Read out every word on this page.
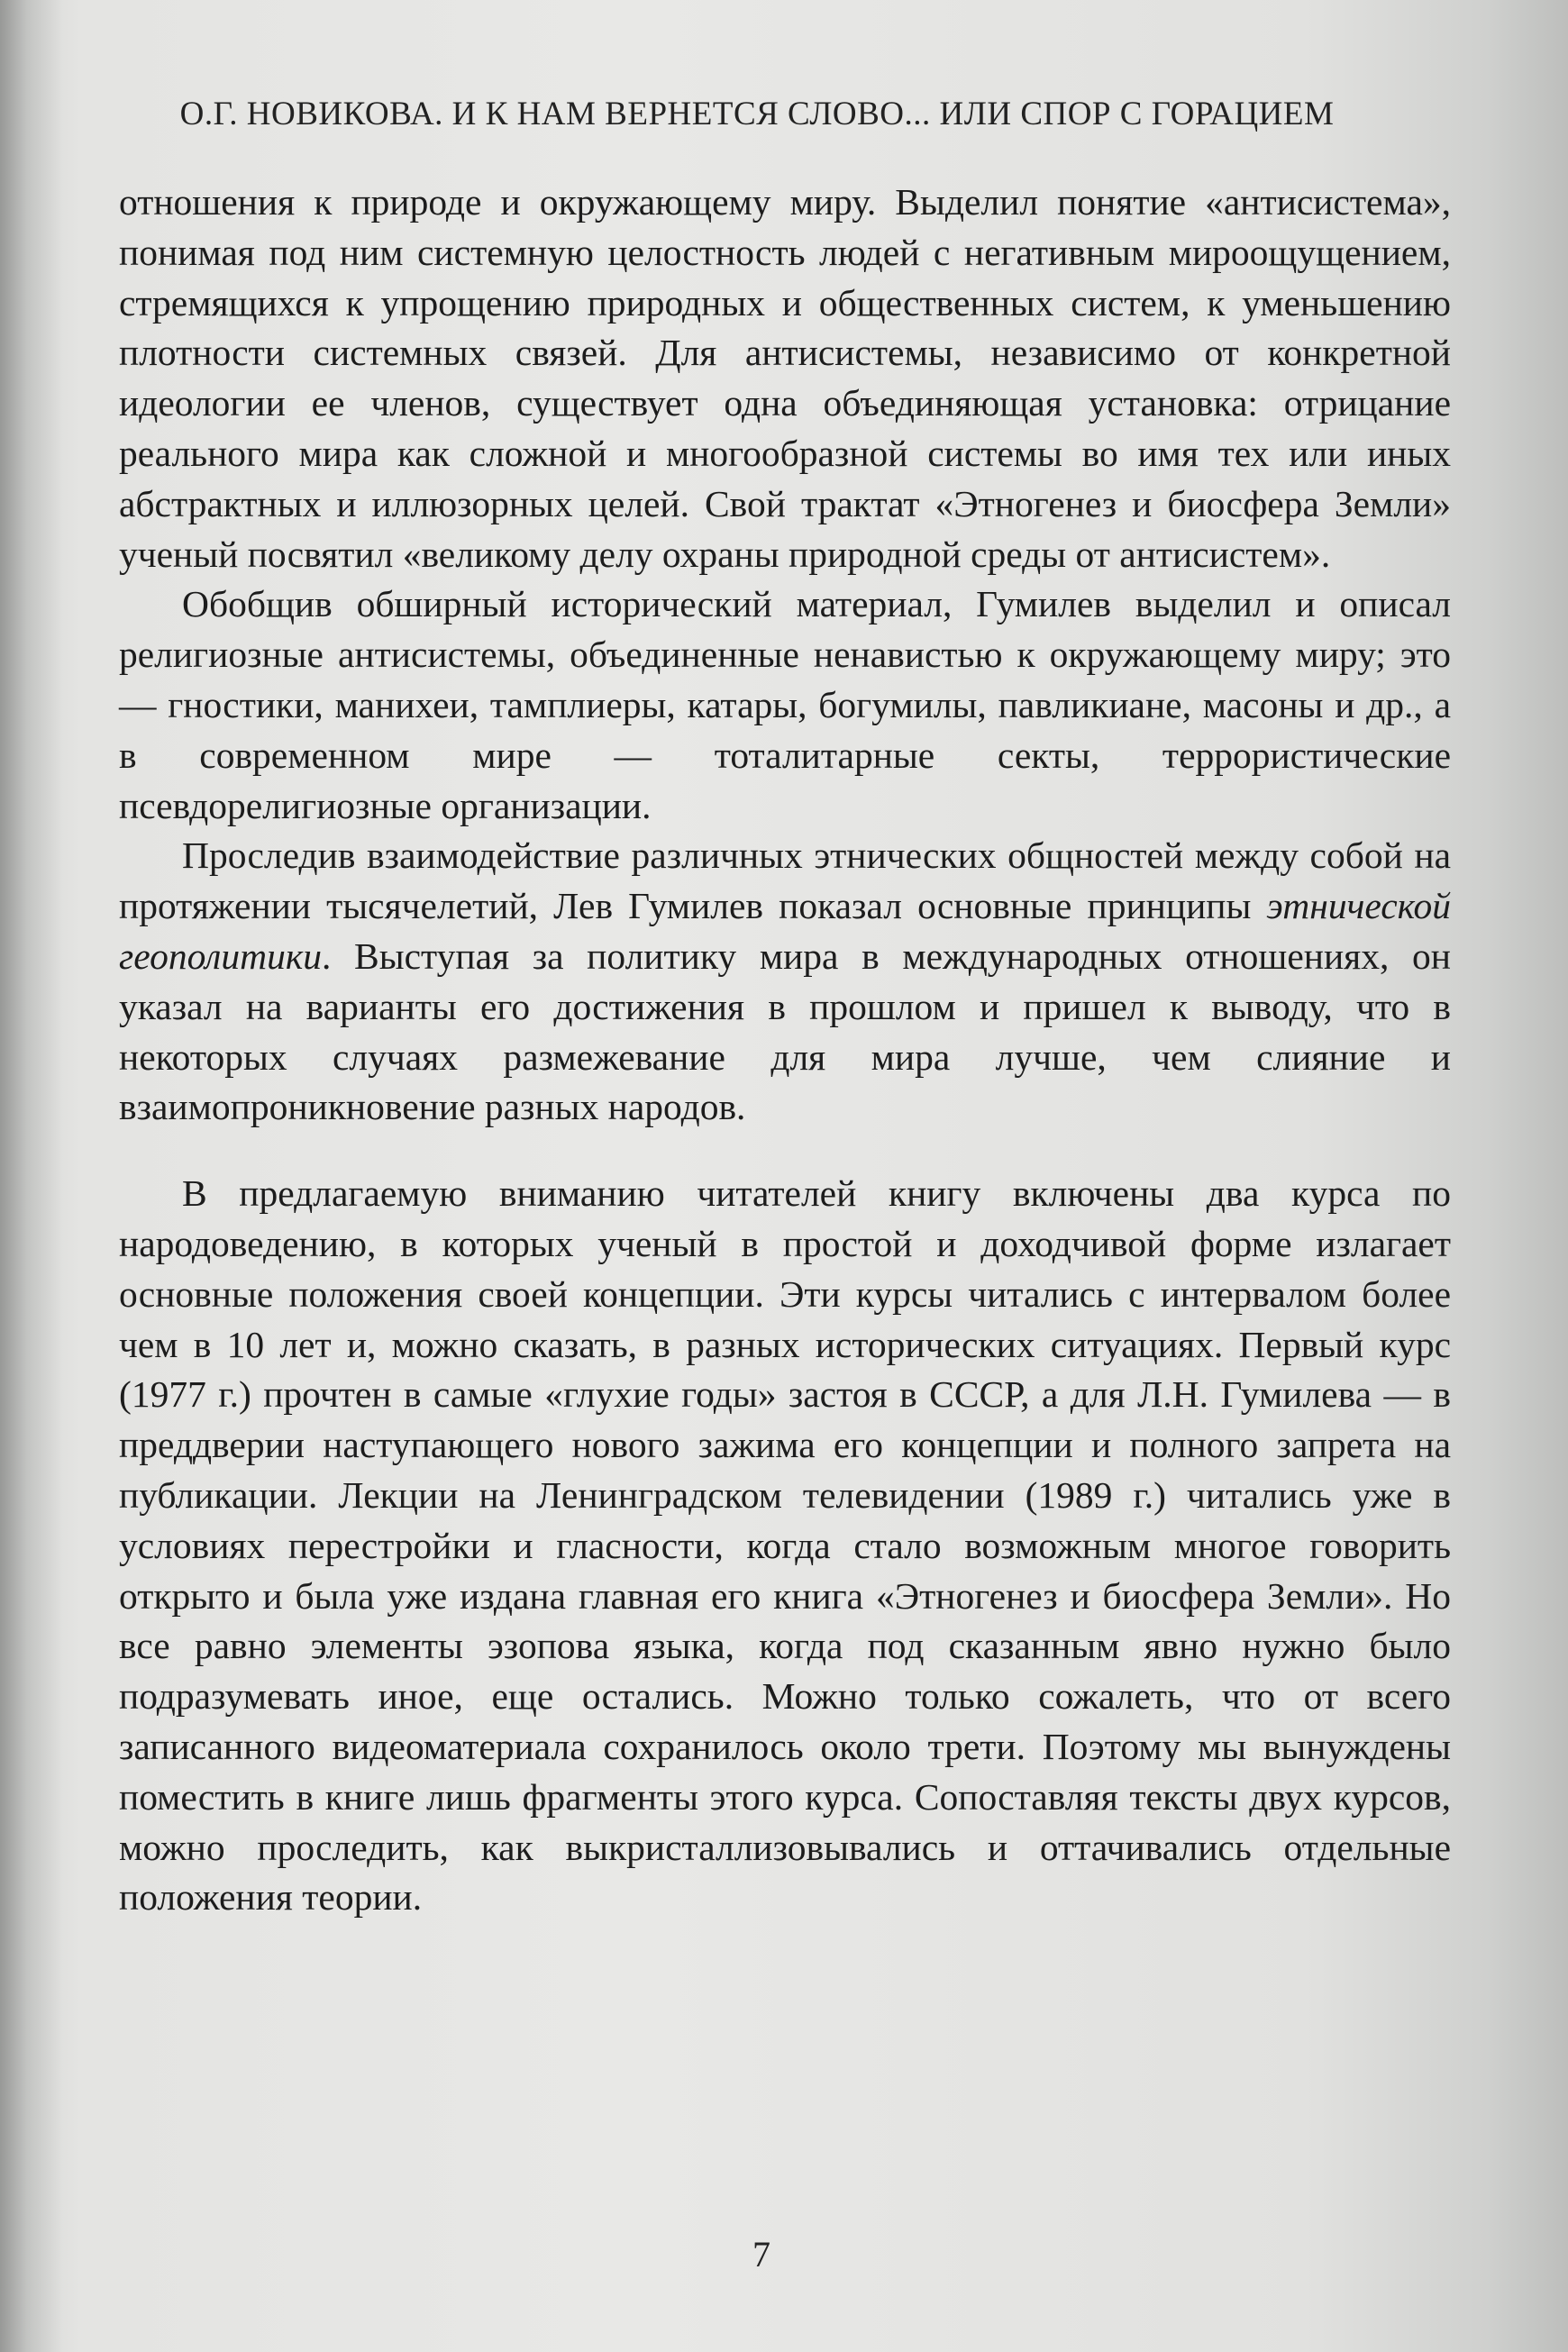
О.Г. НОВИКОВА. И К НАМ ВЕРНЕТСЯ СЛОВО... ИЛИ СПОР С ГОРАЦИЕМ

отношения к природе и окружающему миру. Выделил понятие «антисистема», понимая под ним системную целостность людей с негативным мироощущением, стремящихся к упрощению природных и общественных систем, к уменьшению плотности системных связей. Для антисистемы, независимо от конкретной идеологии ее членов, существует одна объединяющая установка: отрицание реального мира как сложной и многообразной системы во имя тех или иных абстрактных и иллюзорных целей. Свой трактат «Этногенез и биосфера Земли» ученый посвятил «великому делу охраны природной среды от антисистем».

Обобщив обширный исторический материал, Гумилев выделил и описал религиозные антисистемы, объединенные ненавистью к окружающему миру; это — гностики, манихеи, тамплиеры, катары, богумилы, павликиане, масоны и др., а в современном мире — тоталитарные секты, террористические псевдорелигиозные организации.

Проследив взаимодействие различных этнических общностей между собой на протяжении тысячелетий, Лев Гумилев показал основные принципы этнической геополитики. Выступая за политику мира в международных отношениях, он указал на варианты его достижения в прошлом и пришел к выводу, что в некоторых случаях размежевание для мира лучше, чем слияние и взаимопроникновение разных народов.

В предлагаемую вниманию читателей книгу включены два курса по народоведению, в которых ученый в простой и доходчивой форме излагает основные положения своей концепции. Эти курсы читались с интервалом более чем в 10 лет и, можно сказать, в разных исторических ситуациях. Первый курс (1977 г.) прочтен в самые «глухие годы» застоя в СССР, а для Л.Н. Гумилева — в преддверии наступающего нового зажима его концепции и полного запрета на публикации. Лекции на Ленинградском телевидении (1989 г.) читались уже в условиях перестройки и гласности, когда стало возможным многое говорить открыто и была уже издана главная его книга «Этногенез и биосфера Земли». Но все равно элементы эзопова языка, когда под сказанным явно нужно было подразумевать иное, еще остались. Можно только сожалеть, что от всего записанного видеоматериала сохранилось около трети. Поэтому мы вынуждены поместить в книге лишь фрагменты этого курса. Сопоставляя тексты двух курсов, можно проследить, как выкристаллизовывались и оттачивались отдельные положения теории.

7
